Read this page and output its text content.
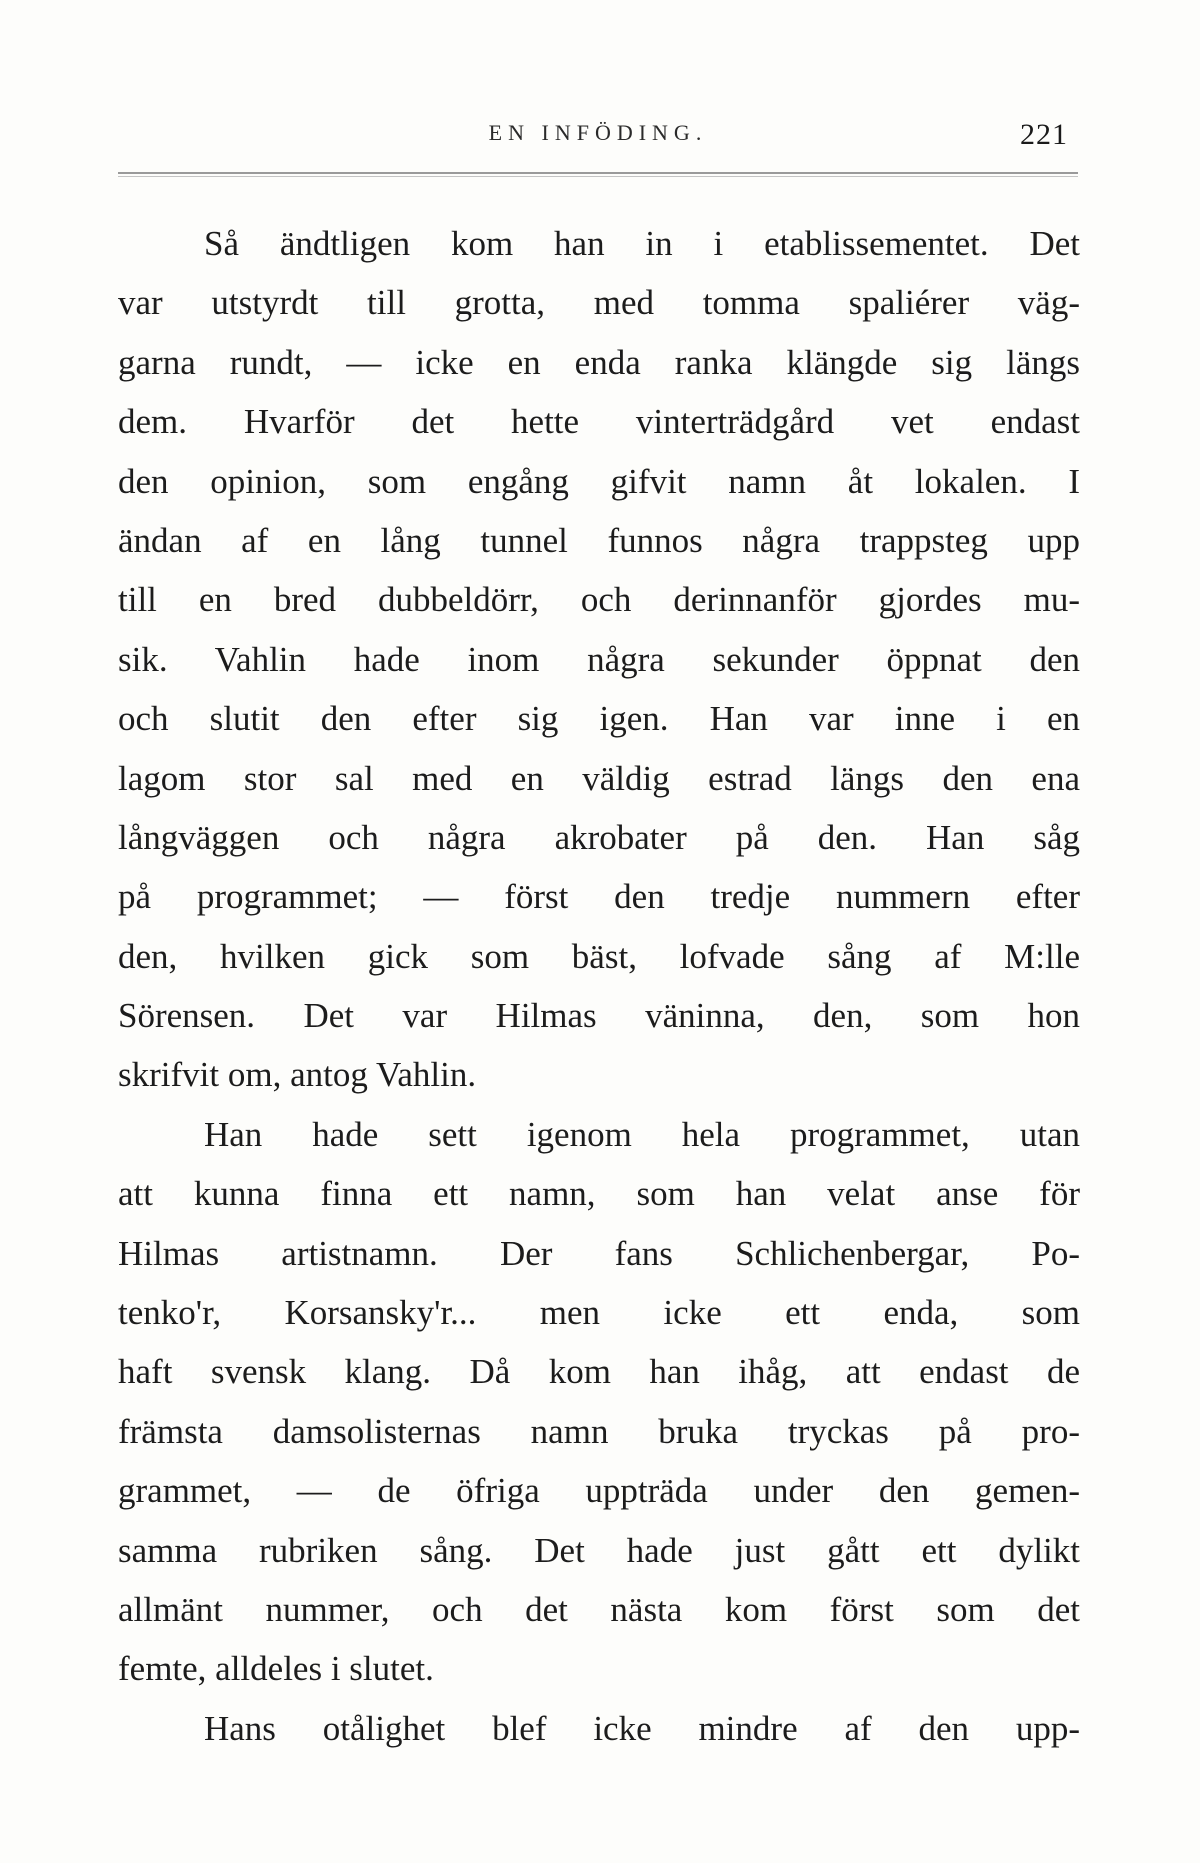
EN INFÖDING.	221
Så ändtligen kom han in i etablissementet. Det
var utstyrdt till grotta, med tomma spaliérer väg-
garna rundt, — icke en enda ranka klängde sig längs
dem. Hvarför det hette vinterträdgård vet endast
den opinion, som engång gifvit namn åt lokalen. I
ändan af en lång tunnel funnos några trappsteg upp
till en bred dubbeldörr, och derinnanför gjordes mu-
sik. Vahlin hade inom några sekunder öppnat den
och slutit den efter sig igen. Han var inne i en
lagom stor sal med en väldig estrad längs den ena
långväggen och några akrobater på den. Han såg
på programmet; — först den tredje nummern efter
den, hvilken gick som bäst, lofvade sång af M:lle
Sörensen. Det var Hilmas väninna, den, som hon
skrifvit om, antog Vahlin.
Han hade sett igenom hela programmet, utan
att kunna finna ett namn, som han velat anse för
Hilmas artistnamn. Der fans Schlichenbergar, Po-
tenko'r, Korsansky'r... men icke ett enda, som
haft svensk klang. Då kom han ihåg, att endast de
främsta damsolisternas namn bruka tryckas på pro-
grammet, — de öfriga uppträda under den gemen-
samma rubriken sång. Det hade just gått ett dylikt
allmänt nummer, och det nästa kom först som det
femte, alldeles i slutet.
Hans otålighet blef icke mindre af den upp-
